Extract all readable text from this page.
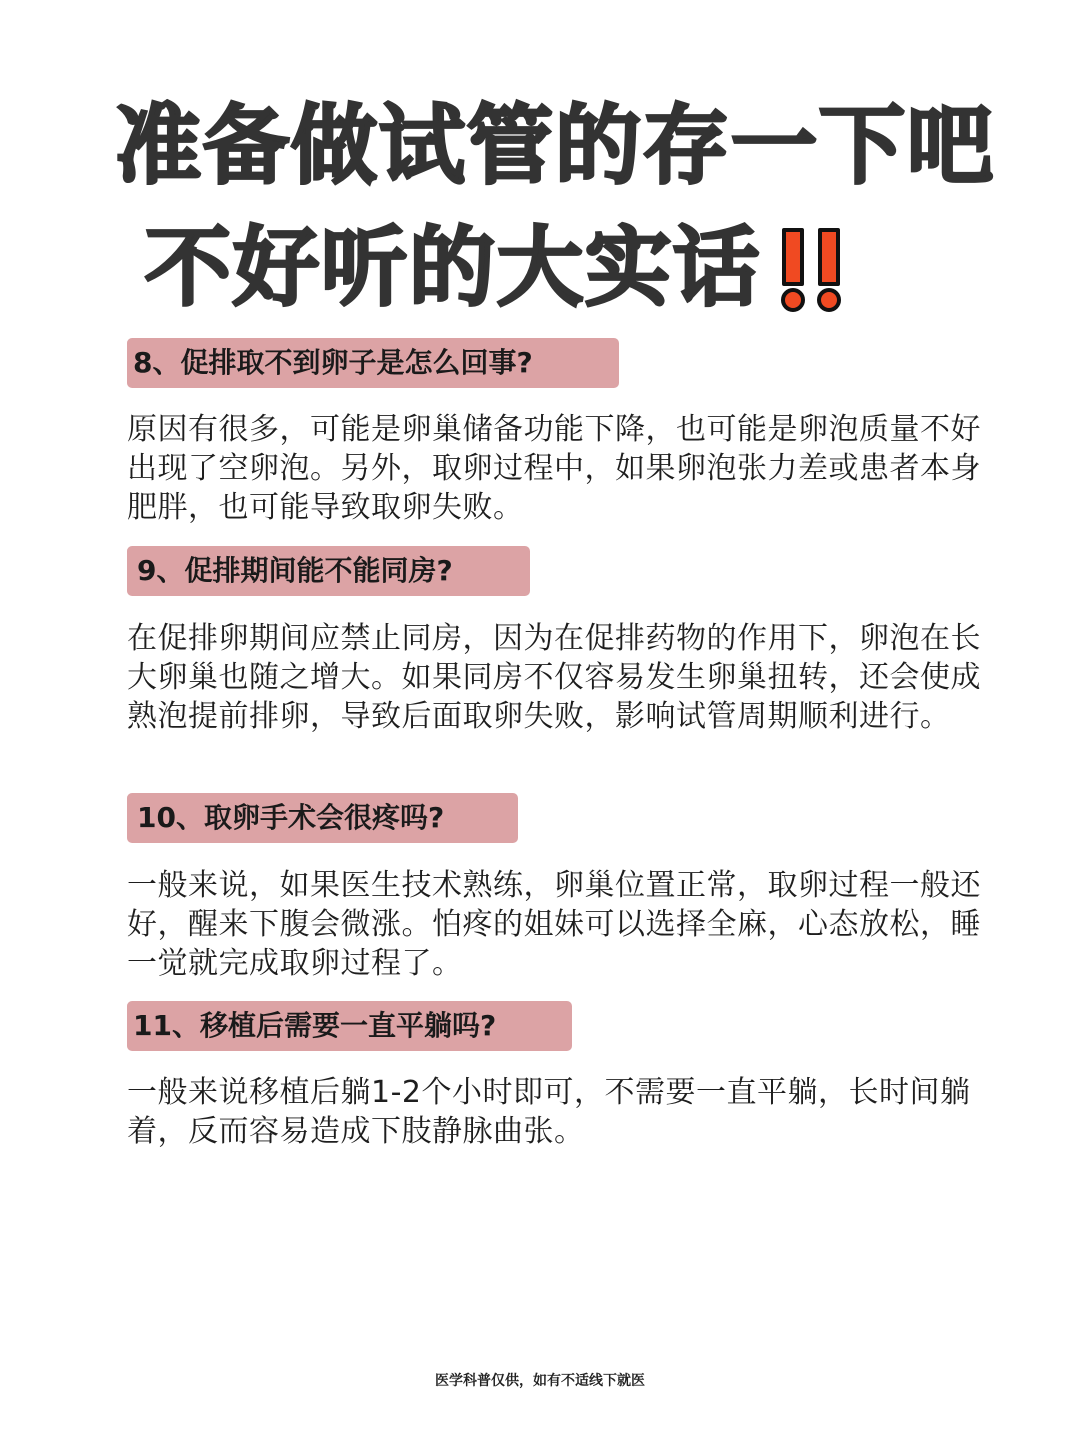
准备做试管的存一下吧
不好听的大实话
8、促排取不到卵子是怎么回事?
原因有很多，可能是卵巢储备功能下降，也可能是卵泡质量不好出现了空卵泡。另外，取卵过程中，如果卵泡张力差或患者本身肥胖，也可能导致取卵失败。
9、促排期间能不能同房?
在促排卵期间应禁止同房，因为在促排药物的作用下，卵泡在长大卵巢也随之增大。如果同房不仅容易发生卵巢扭转，还会使成熟泡提前排卵，导致后面取卵失败，影响试管周期顺利进行。
10、取卵手术会很疼吗?
一般来说，如果医生技术熟练，卵巢位置正常，取卵过程一般还好，醒来下腹会微涨。怕疼的姐妹可以选择全麻，心态放松，睡一觉就完成取卵过程了。
11、移植后需要一直平躺吗?
一般来说移植后躺1-2个小时即可，不需要一直平躺，长时间躺着，反而容易造成下肢静脉曲张。
医学科普仅供，如有不适线下就医
